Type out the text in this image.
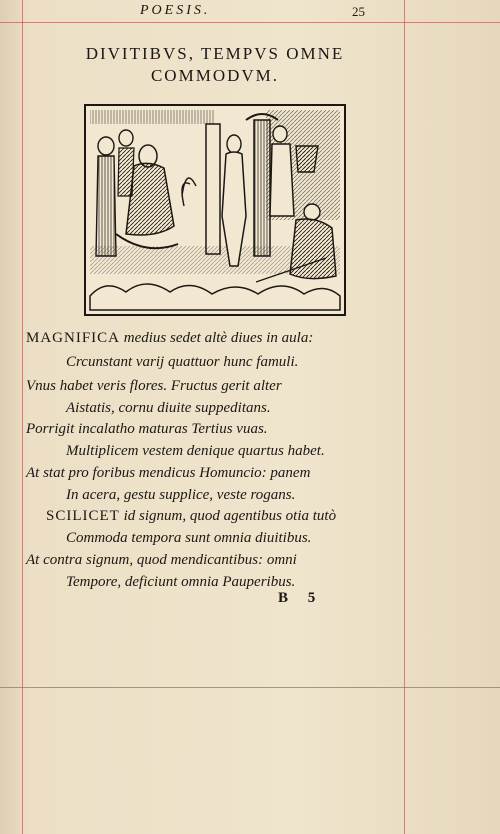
POESIS.	25
DIVITIBVS, TEMPVS OMNE
COMMODVM.
MAGNIFICA medius sedet altè diues in aula:
Crcunstant varij quattuor hunc famuli.
Vnus habet veris flores. Fructus gerit alter
Aistatis, cornu diuite suppeditans.
Porrigit incalatho maturas Tertius vuas.
Multiplicem vestem denique quartus habet.
At stat pro foribus mendicus Homuncio: panem
In acera, gestu supplice, veste rogans.
SCILICET id signum, quod agentibus otia tutò
Commoda tempora sunt omnia diuitibus.
At contra signum, quod mendicantibus: omni
Tempore, deficiunt omnia Pauperibus.
B 5
